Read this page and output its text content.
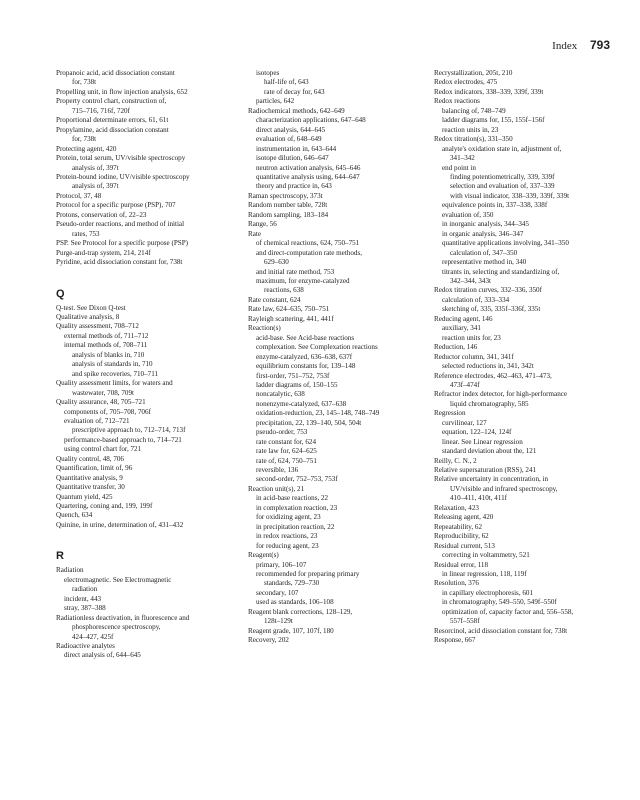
Index 793
Propanoic acid, acid dissociation constant
for, 738t
Propelling unit, in flow injection analysis, 652
Property control chart, construction of,
715–716, 716f, 720f
Proportional determinate errors, 61, 61t
Propylamine, acid dissociation constant
for, 738t
Protecting agent, 420
Protein, total serum, UV/visible spectroscopy
analysis of, 397t
Protein-bound iodine, UV/visible spectroscopy
analysis of, 397t
Protocol, 37, 48
Protocol for a specific purpose (PSP), 707
Protons, conservation of, 22–23
Pseudo-order reactions, and method of initial
rates, 753
PSP. See Protocol for a specific purpose (PSP)
Purge-and-trap system, 214, 214f
Pyridine, acid dissociation constant for, 738t
Q
Q-test. See Dixon Q-test
Qualitative analysis, 8
Quality assessment, 708–712
external methods of, 711–712
internal methods of, 708–711
analysis of blanks in, 710
analysis of standards in, 710
and spike recoveries, 710–711
Quality assessment limits, for waters and
wastewater, 708, 709t
Quality assurance, 48, 705–721
components of, 705–708, 706f
evaluation of, 712–721
prescriptive approach to, 712–714, 713f
performance-based approach to, 714–721
using control chart for, 721
Quality control, 48, 706
Quantification, limit of, 96
Quantitative analysis, 9
Quantitative transfer, 30
Quantum yield, 425
Quartering, coning and, 199, 199f
Quench, 634
Quinine, in urine, determination of, 431–432
R
Radiation
electromagnetic. See Electromagnetic
radiation
incident, 443
stray, 387–388
Radiationless deactivation, in fluorescence and
phosphorescence spectroscopy,
424–427, 425f
Radioactive analytes
direct analysis of, 644–645
isotopes
half-life of, 643
rate of decay for, 643
particles, 642
Radiochemical methods, 642–649
characterization applications, 647–648
direct analysis, 644–645
evaluation of, 648–649
instrumentation in, 643–644
isotope dilution, 646–647
neutron activation analysis, 645–646
quantitative analysis using, 644–647
theory and practice in, 643
Raman spectroscopy, 373t
Random number table, 728t
Random sampling, 183–184
Range, 56
Rate
of chemical reactions, 624, 750–751
and direct-computation rate methods,
629–630
and initial rate method, 753
maximum, for enzyme-catalyzed
reactions, 638
Rate constant, 624
Rate law, 624–635, 750–751
Rayleigh scattering, 441, 441f
Reaction(s)
acid-base. See Acid-base reactions
complexation. See Complexation reactions
enzyme-catalyzed, 636–638, 637f
equilibrium constants for, 139–148
first-order, 751–752, 753f
ladder diagrams of, 150–155
noncatalytic, 638
nonenzyme-catalyzed, 637–638
oxidation-reduction, 23, 145–148, 748–749
precipitation, 22, 139–140, 504, 504t
pseudo-order, 753
rate constant for, 624
rate law for, 624–625
rate of, 624, 750–751
reversible, 136
second-order, 752–753, 753f
Reaction unit(s), 21
in acid-base reactions, 22
in complexation reaction, 23
for oxidizing agent, 23
in precipitation reaction, 22
in redox reactions, 23
for reducing agent, 23
Reagent(s)
primary, 106–107
recommended for preparing primary
standards, 729–730
secondary, 107
used as standards, 106–108
Reagent blank corrections, 128–129,
128t–129t
Reagent grade, 107, 107f, 180
Recovery, 202
Recrystallization, 205t, 210
Redox electrodes, 475
Redox indicators, 338–339, 339f, 339t
Redox reactions
balancing of, 748–749
ladder diagrams for, 155, 155f–156f
reaction units in, 23
Redox titration(s), 331–350
analyte's oxidation state in, adjustment of,
341–342
end point in
finding potentiometrically, 339, 339f
selection and evaluation of, 337–339
with visual indicator, 338–339, 339f, 339t
equivalence points in, 337–338, 338f
evaluation of, 350
in inorganic analysis, 344–345
in organic analysis, 346–347
quantitative applications involving, 341–350
calculation of, 347–350
representative method in, 340
titrants in, selecting and standardizing of,
342–344, 343t
Redox titration curves, 332–336, 350f
calculation of, 333–334
sketching of, 335, 335f–336f, 335t
Reducing agent, 146
auxiliary, 341
reaction units for, 23
Reduction, 146
Reductor column, 341, 341f
selected reductions in, 341, 342t
Reference electrodes, 462–463, 471–473,
473f–474f
Refractor index detector, for high-performance
liquid chromatography, 585
Regression
curvilinear, 127
equation, 122–124, 124f
linear. See Linear regression
standard deviation about the, 121
Reilly, C. N., 2
Relative supersaturation (RSS), 241
Relative uncertainty in concentration, in
UV/visible and infrared spectroscopy,
410–411, 410t, 411f
Relaxation, 423
Releasing agent, 420
Repeatability, 62
Reproducibility, 62
Residual current, 513
correcting in voltammetry, 521
Residual error, 118
in linear regression, 118, 119f
Resolution, 376
in capillary electrophoresis, 601
in chromatography, 549–550, 549f–550f
optimization of, capacity factor and, 556–558,
557f–558f
Resorcinol, acid dissociation constant for, 738t
Response, 667
